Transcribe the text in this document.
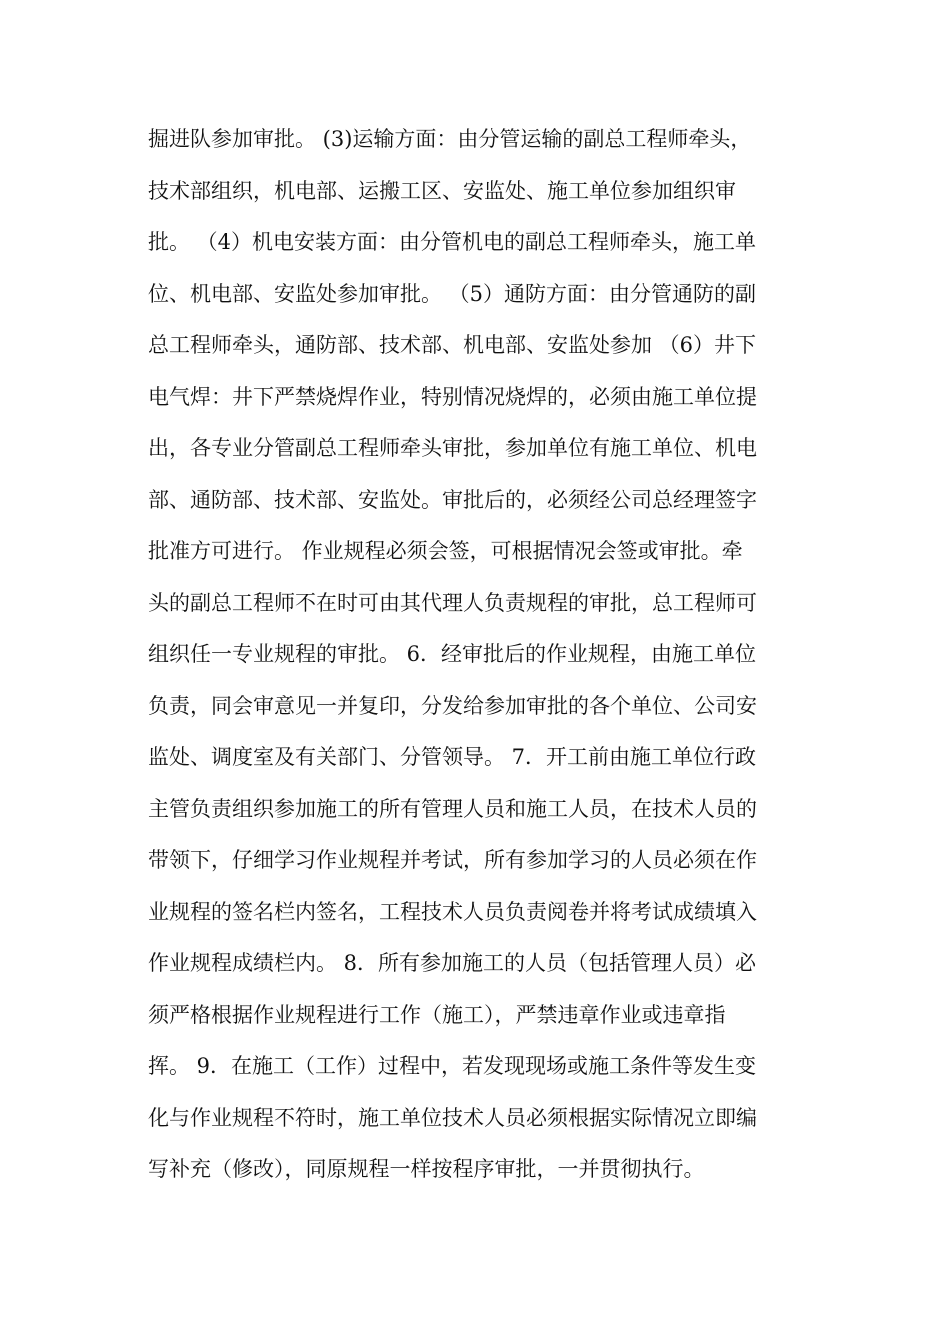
掘进队参加审批。 (3)运输方面：由分管运输的副总工程师牵头，
技术部组织，机电部、运搬工区、安监处、施工单位参加组织审
批。 （4）机电安装方面：由分管机电的副总工程师牵头，施工单
位、机电部、安监处参加审批。 （5）通防方面：由分管通防的副
总工程师牵头，通防部、技术部、机电部、安监处参加 （6）井下
电气焊：井下严禁烧焊作业，特别情况烧焊的，必须由施工单位提
出，各专业分管副总工程师牵头审批，参加单位有施工单位、机电
部、通防部、技术部、安监处。审批后的，必须经公司总经理签字
批准方可进行。 作业规程必须会签，可根据情况会签或审批。牵
头的副总工程师不在时可由其代理人负责规程的审批，总工程师可
组织任一专业规程的审批。 6．经审批后的作业规程，由施工单位
负责，同会审意见一并复印，分发给参加审批的各个单位、公司安
监处、调度室及有关部门、分管领导。 7．开工前由施工单位行政
主管负责组织参加施工的所有管理人员和施工人员，在技术人员的
带领下，仔细学习作业规程并考试，所有参加学习的人员必须在作
业规程的签名栏内签名，工程技术人员负责阅卷并将考试成绩填入
作业规程成绩栏内。 8．所有参加施工的人员（包括管理人员）必
须严格根据作业规程进行工作（施工），严禁违章作业或违章指
挥。 9．在施工（工作）过程中，若发现现场或施工条件等发生变
化与作业规程不符时，施工单位技术人员必须根据实际情况立即编
写补充（修改），同原规程一样按程序审批，一并贯彻执行。
